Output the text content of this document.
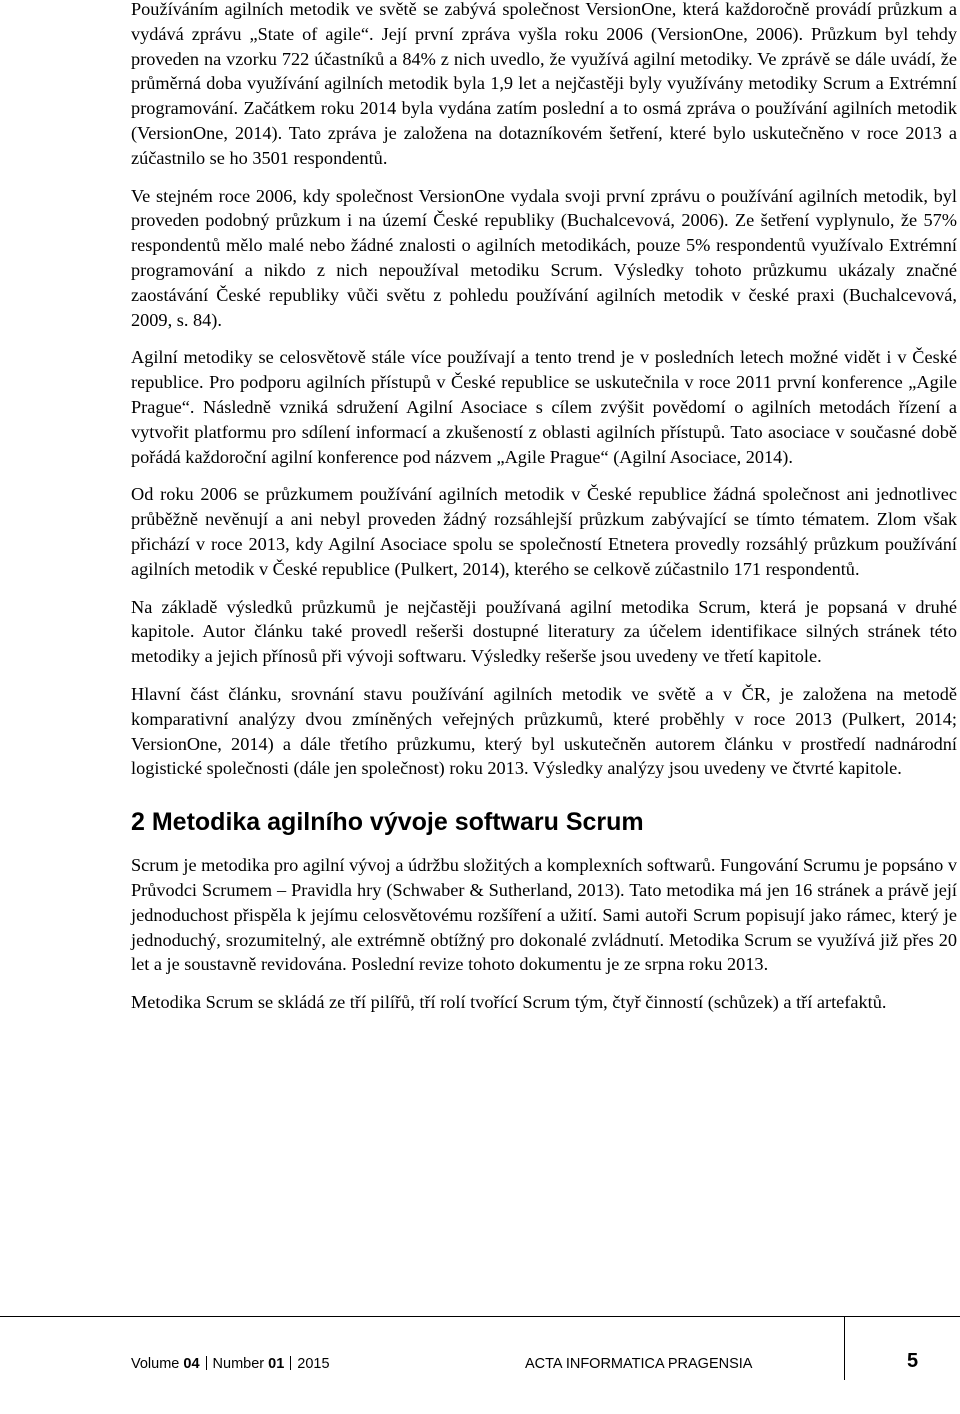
Používáním agilních metodik ve světě se zabývá společnost VersionOne, která každoročně provádí průzkum a vydává zprávu „State of agile“. Její první zpráva vyšla roku 2006 (VersionOne, 2006). Průzkum byl tehdy proveden na vzorku 722 účastníků a 84% z nich uvedlo, že využívá agilní metodiky. Ve zprávě se dále uvádí, že průměrná doba využívání agilních metodik byla 1,9 let a nejčastěji byly využívány metodiky Scrum a Extrémní programování. Začátkem roku 2014 byla vydána zatím poslední a to osmá zpráva o používání agilních metodik (VersionOne, 2014). Tato zpráva je založena na dotazníkovém šetření, které bylo uskutečněno v roce 2013 a zúčastnilo se ho 3501 respondentů.

Ve stejném roce 2006, kdy společnost VersionOne vydala svoji první zprávu o používání agilních metodik, byl proveden podobný průzkum i na území České republiky (Buchalcevová, 2006). Ze šetření vyplynulo, že 57% respondentů mělo malé nebo žádné znalosti o agilních metodikách, pouze 5% respondentů využívalo Extrémní programování a nikdo z nich nepoužíval metodiku Scrum. Výsledky tohoto průzkumu ukázaly značné zaostávání České republiky vůči světu z pohledu používání agilních metodik v české praxi (Buchalcevová, 2009, s. 84).

Agilní metodiky se celosvětově stále více používají a tento trend je v posledních letech možné vidět i v České republice. Pro podporu agilních přístupů v České republice se uskutečnila v roce 2011 první konference „Agile Prague“. Následně vzniká sdružení Agilní Asociace s cílem zvýšit povědomí o agilních metodách řízení a vytvořit platformu pro sdílení informací a zkušeností z oblasti agilních přístupů. Tato asociace v současné době pořádá každoroční agilní konference pod názvem „Agile Prague“ (Agilní Asociace, 2014).

Od roku 2006 se průzkumem používání agilních metodik v České republice žádná společnost ani jednotlivec průběžně nevěnují a ani nebyl proveden žádný rozsáhlejší průzkum zabývající se tímto tématem. Zlom však přichází v roce 2013, kdy Agilní Asociace spolu se společností Etnetera provedly rozsáhlý průzkum používání agilních metodik v České republice (Pulkert, 2014), kterého se celkově zúčastnilo 171 respondentů.

Na základě výsledků průzkumů je nejčastěji používaná agilní metodika Scrum, která je popsaná v druhé kapitole. Autor článku také provedl rešerši dostupné literatury za účelem identifikace silných stránek této metodiky a jejich přínosů při vývoji softwaru. Výsledky rešerše jsou uvedeny ve třetí kapitole.

Hlavní část článku, srovnání stavu používání agilních metodik ve světě a v ČR, je založena na metodě komparativní analýzy dvou zmíněných veřejných průzkumů, které proběhly v roce 2013 (Pulkert, 2014; VersionOne, 2014) a dále třetího průzkumu, který byl uskutečněn autorem článku v prostředí nadnárodní logistické společnosti (dále jen společnost) roku 2013. Výsledky analýzy jsou uvedeny ve čtvrté kapitole.

2 Metodika agilního vývoje softwaru Scrum

Scrum je metodika pro agilní vývoj a údržbu složitých a komplexních softwarů. Fungování Scrumu je popsáno v Průvodci Scrumem – Pravidla hry (Schwaber & Sutherland, 2013). Tato metodika má jen 16 stránek a právě její jednoduchost přispěla k jejímu celosvětovému rozšíření a užití. Sami autoři Scrum popisují jako rámec, který je jednoduchý, srozumitelný, ale extrémně obtížný pro dokonalé zvládnutí. Metodika Scrum se využívá již přes 20 let a je soustavně revidována. Poslední revize tohoto dokumentu je ze srpna roku 2013.

Metodika Scrum se skládá ze tří pilířů, tří rolí tvořící Scrum tým, čtyř činností (schůzek) a tří artefaktů.

Volume 04 Number 01 2015	ACTA INFORMATICA PRAGENSIA	5
